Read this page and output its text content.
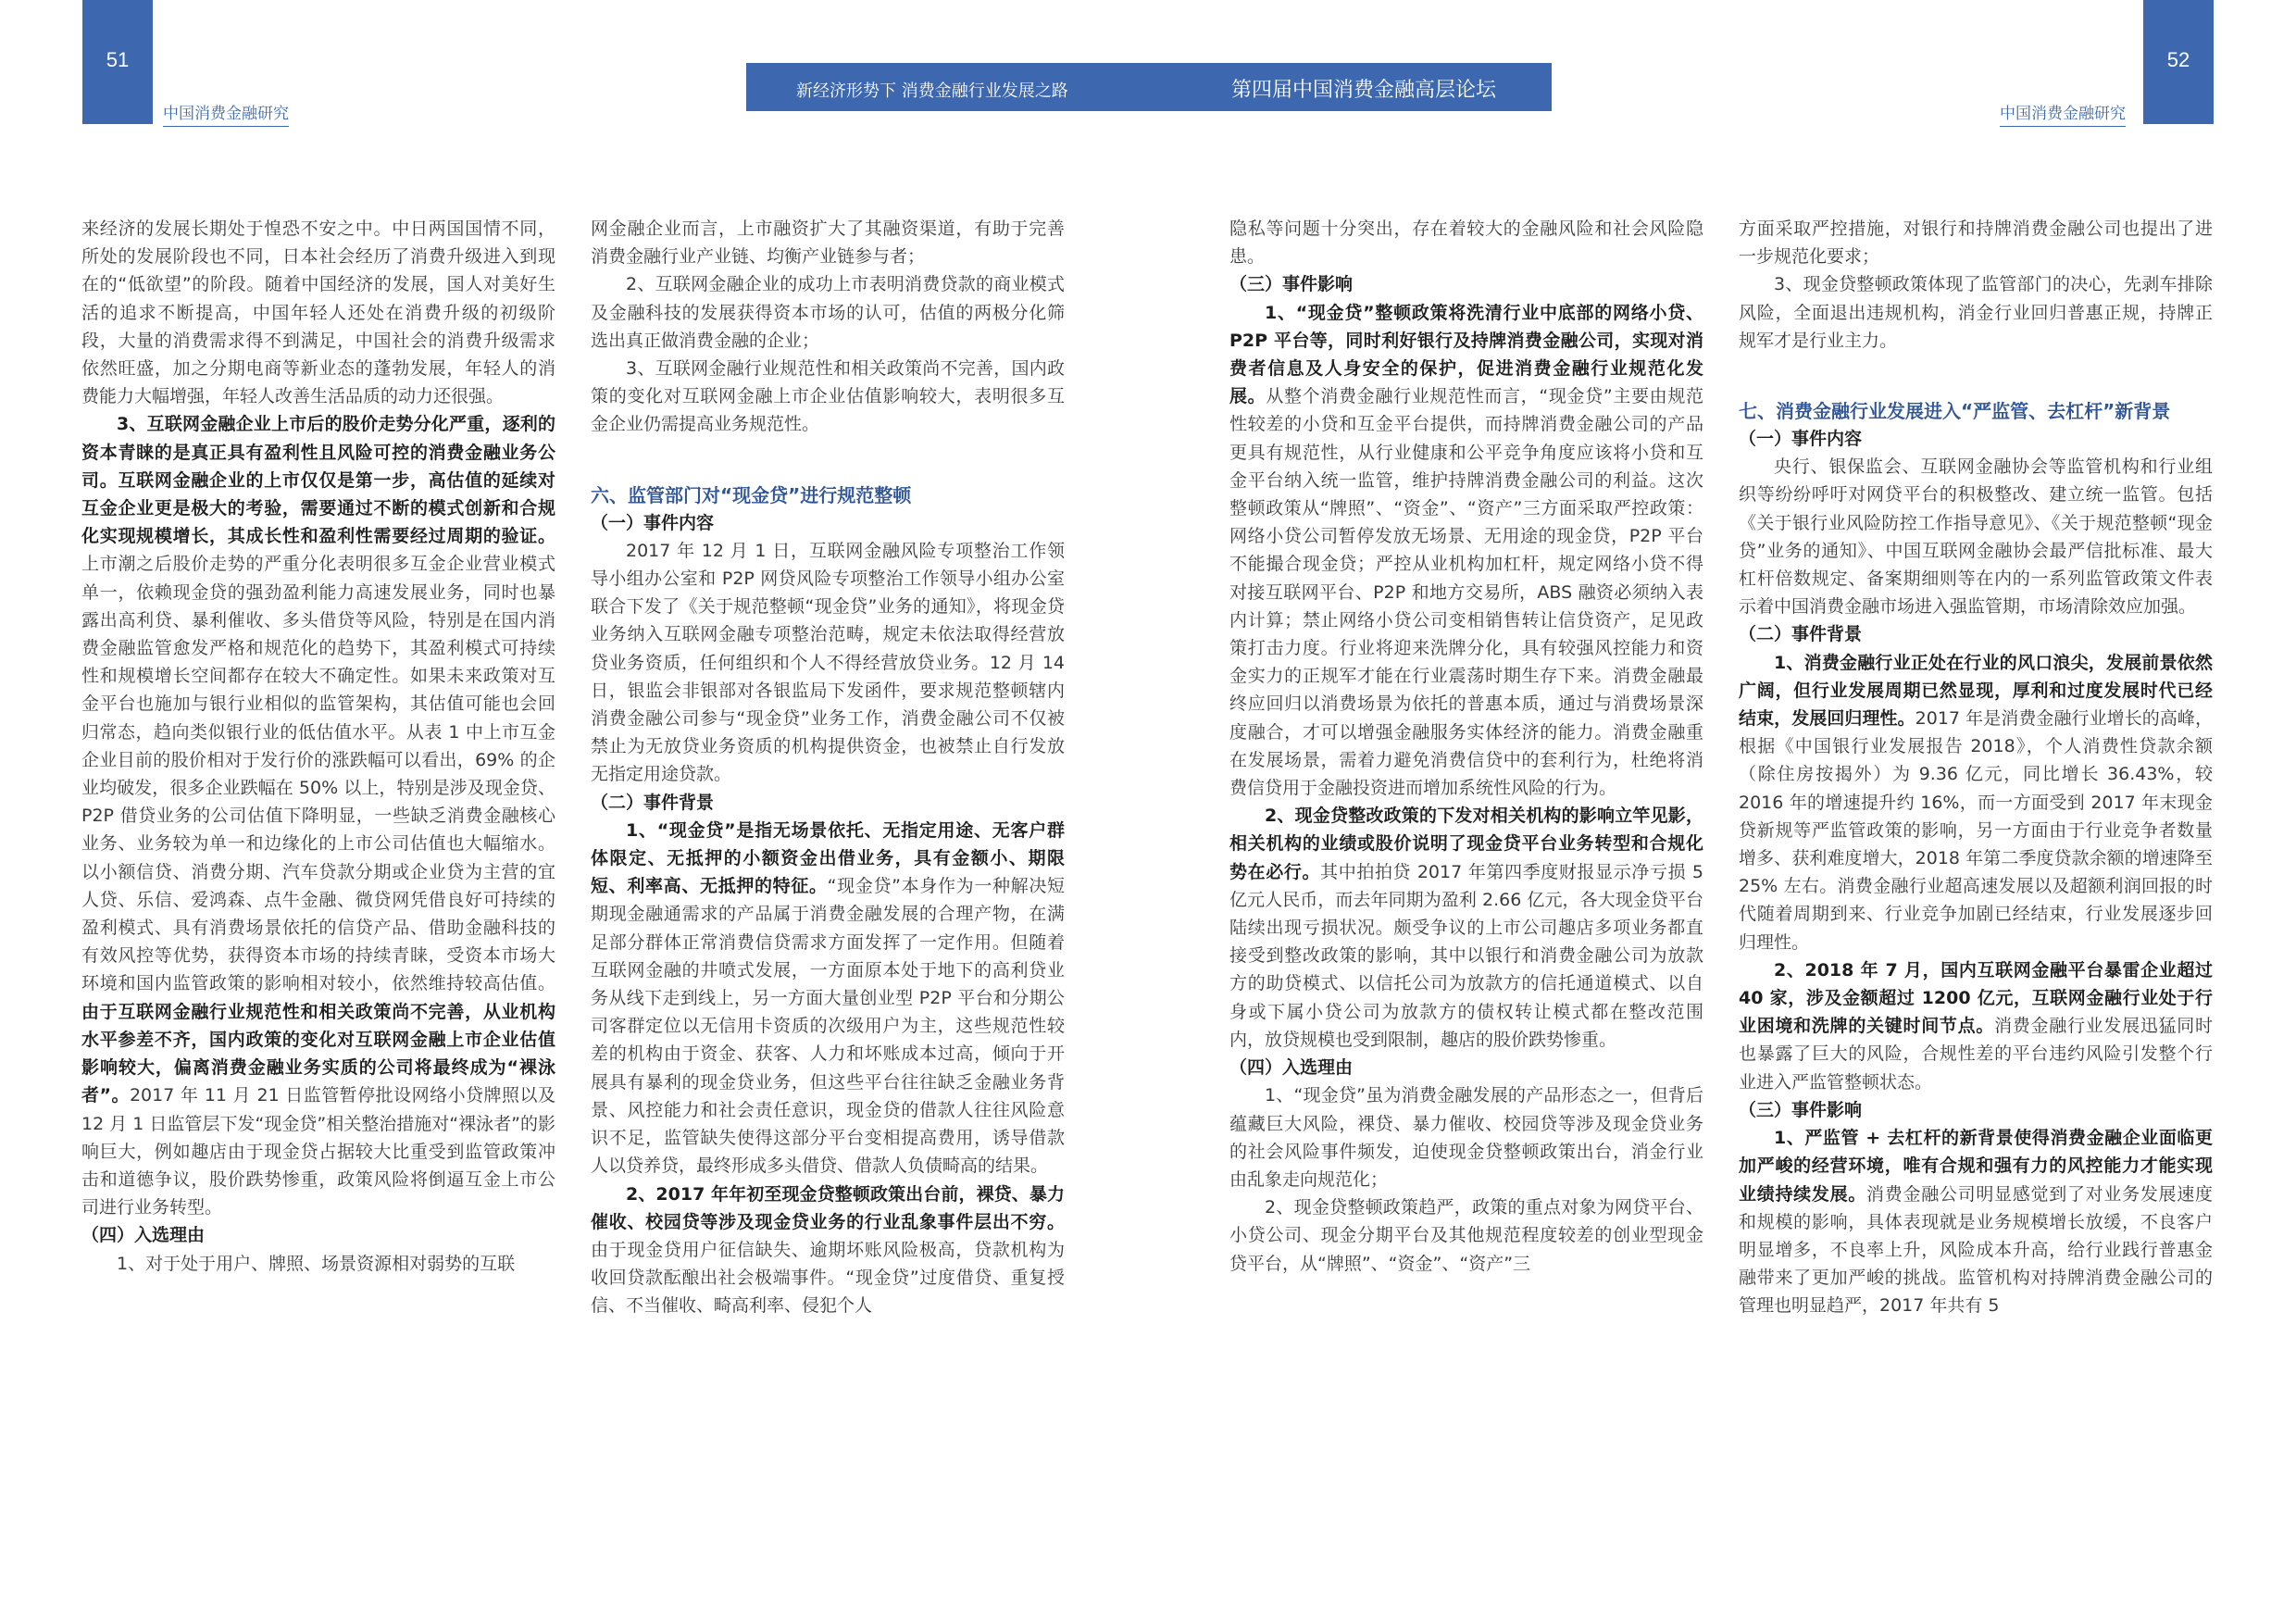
51
中国消费金融研究
新经济形势下 消费金融行业发展之路	第四届中国消费金融高层论坛
52
中国消费金融研究

来经济的发展长期处于惶恐不安之中。中日两国国情不同，所处的发展阶段也不同，日本社会经历了消费升级进入到现在的“低欲望”的阶段。随着中国经济的发展，国人对美好生活的追求不断提高，中国年轻人还处在消费升级的初级阶段，大量的消费需求得不到满足，中国社会的消费升级需求依然旺盛，加之分期电商等新业态的蓬勃发展，年轻人的消费能力大幅增强，年轻人改善生活品质的动力还很强。

3、互联网金融企业上市后的股价走势分化严重，逐利的资本青睐的是真正具有盈利性且风险可控的消费金融业务公司。互联网金融企业的上市仅仅是第一步，高估值的延续对互金企业更是极大的考验，需要通过不断的模式创新和合规化实现规模增长，其成长性和盈利性需要经过周期的验证。上市潮之后股价走势的严重分化表明很多互金企业营业模式单一，依赖现金贷的强劲盈利能力高速发展业务，同时也暴露出高利贷、暴利催收、多头借贷等风险，特别是在国内消费金融监管愈发严格和规范化的趋势下，其盈利模式可持续性和规模增长空间都存在较大不确定性。如果未来政策对互金平台也施加与银行业相似的监管架构，其估值可能也会回归常态，趋向类似银行业的低估值水平。从表 1 中上市互金企业目前的股价相对于发行价的涨跌幅可以看出，69% 的企业均破发，很多企业跌幅在 50% 以上，特别是涉及现金贷、P2P 借贷业务的公司估值下降明显，一些缺乏消费金融核心业务、业务较为单一和边缘化的上市公司估值也大幅缩水。以小额信贷、消费分期、汽车贷款分期或企业贷为主营的宜人贷、乐信、爱鸿森、点牛金融、微贷网凭借良好可持续的盈利模式、具有消费场景依托的信贷产品、借助金融科技的有效风控等优势，获得资本市场的持续青睐，受资本市场大环境和国内监管政策的影响相对较小，依然维持较高估值。由于互联网金融行业规范性和相关政策尚不完善，从业机构水平参差不齐，国内政策的变化对互联网金融上市企业估值影响较大，偏离消费金融业务实质的公司将最终成为“裸泳者”。2017 年 11 月 21 日监管暂停批设网络小贷牌照以及 12 月 1 日监管层下发“现金贷”相关整治措施对“裸泳者”的影响巨大，例如趣店由于现金贷占据较大比重受到监管政策冲击和道德争议，股价跌势惨重，政策风险将倒逼互金上市公司进行业务转型。

（四）入选理由

1、对于处于用户、牌照、场景资源相对弱势的互联

网金融企业而言，上市融资扩大了其融资渠道，有助于完善消费金融行业产业链、均衡产业链参与者；

2、互联网金融企业的成功上市表明消费贷款的商业模式及金融科技的发展获得资本市场的认可，估值的两极分化筛选出真正做消费金融的企业；

3、互联网金融行业规范性和相关政策尚不完善，国内政策的变化对互联网金融上市企业估值影响较大，表明很多互金企业仍需提高业务规范性。

六、监管部门对“现金贷”进行规范整顿
（一）事件内容

2017 年 12 月 1 日，互联网金融风险专项整治工作领导小组办公室和 P2P 网贷风险专项整治工作领导小组办公室联合下发了《关于规范整顿“现金贷”业务的通知》，将现金贷业务纳入互联网金融专项整治范畴，规定未依法取得经营放贷业务资质，任何组织和个人不得经营放贷业务。12 月 14 日，银监会非银部对各银监局下发函件，要求规范整顿辖内消费金融公司参与“现金贷”业务工作，消费金融公司不仅被禁止为无放贷业务资质的机构提供资金，也被禁止自行发放无指定用途贷款。

（二）事件背景

1、“现金贷”是指无场景依托、无指定用途、无客户群体限定、无抵押的小额资金出借业务，具有金额小、期限短、利率高、无抵押的特征。“现金贷”本身作为一种解决短期现金融通需求的产品属于消费金融发展的合理产物，在满足部分群体正常消费信贷需求方面发挥了一定作用。但随着互联网金融的井喷式发展，一方面原本处于地下的高利贷业务从线下走到线上，另一方面大量创业型 P2P 平台和分期公司客群定位以无信用卡资质的次级用户为主，这些规范性较差的机构由于资金、获客、人力和坏账成本过高，倾向于开展具有暴利的现金贷业务，但这些平台往往缺乏金融业务背景、风控能力和社会责任意识，现金贷的借款人往往风险意识不足，监管缺失使得这部分平台变相提高费用，诱导借款人以贷养贷，最终形成多头借贷、借款人负债畸高的结果。

2、2017 年年初至现金贷整顿政策出台前，裸贷、暴力催收、校园贷等涉及现金贷业务的行业乱象事件层出不穷。由于现金贷用户征信缺失、逾期坏账风险极高，贷款机构为收回贷款酝酿出社会极端事件。“现金贷”过度借贷、重复授信、不当催收、畸高利率、侵犯个人

隐私等问题十分突出，存在着较大的金融风险和社会风险隐患。

（三）事件影响

1、“现金贷”整顿政策将洗清行业中底部的网络小贷、P2P 平台等，同时利好银行及持牌消费金融公司，实现对消费者信息及人身安全的保护，促进消费金融行业规范化发展。从整个消费金融行业规范性而言，“现金贷”主要由规范性较差的小贷和互金平台提供，而持牌消费金融公司的产品更具有规范性，从行业健康和公平竞争角度应该将小贷和互金平台纳入统一监管，维护持牌消费金融公司的利益。这次整顿政策从“牌照”、“资金”、“资产”三方面采取严控政策：网络小贷公司暂停发放无场景、无用途的现金贷，P2P 平台不能撮合现金贷；严控从业机构加杠杆，规定网络小贷不得对接互联网平台、P2P 和地方交易所，ABS 融资必须纳入表内计算；禁止网络小贷公司变相销售转让信贷资产，足见政策打击力度。行业将迎来洗牌分化，具有较强风控能力和资金实力的正规军才能在行业震荡时期生存下来。消费金融最终应回归以消费场景为依托的普惠本质，通过与消费场景深度融合，才可以增强金融服务实体经济的能力。消费金融重在发展场景，需着力避免消费信贷中的套利行为，杜绝将消费信贷用于金融投资进而增加系统性风险的行为。

2、现金贷整改政策的下发对相关机构的影响立竿见影，相关机构的业绩或股价说明了现金贷平台业务转型和合规化势在必行。其中拍拍贷 2017 年第四季度财报显示净亏损 5 亿元人民币，而去年同期为盈利 2.66 亿元，各大现金贷平台陆续出现亏损状况。颇受争议的上市公司趣店多项业务都直接受到整改政策的影响，其中以银行和消费金融公司为放款方的助贷模式、以信托公司为放款方的信托通道模式、以自身或下属小贷公司为放款方的债权转让模式都在整改范围内，放贷规模也受到限制，趣店的股价跌势惨重。

（四）入选理由

1、“现金贷”虽为消费金融发展的产品形态之一，但背后蕴藏巨大风险，裸贷、暴力催收、校园贷等涉及现金贷业务的社会风险事件频发，迫使现金贷整顿政策出台，消金行业由乱象走向规范化；

2、现金贷整顿政策趋严，政策的重点对象为网贷平台、小贷公司、现金分期平台及其他规范程度较差的创业型现金贷平台，从“牌照”、“资金”、“资产”三

方面采取严控措施，对银行和持牌消费金融公司也提出了进一步规范化要求；

3、现金贷整顿政策体现了监管部门的决心，先剥车排除风险，全面退出违规机构，消金行业回归普惠正规，持牌正规军才是行业主力。

七、消费金融行业发展进入“严监管、去杠杆”新背景
（一）事件内容

央行、银保监会、互联网金融协会等监管机构和行业组织等纷纷呼吁对网贷平台的积极整改、建立统一监管。包括《关于银行业风险防控工作指导意见》、《关于规范整顿“现金贷”业务的通知》、中国互联网金融协会最严信批标准、最大杠杆倍数规定、备案期细则等在内的一系列监管政策文件表示着中国消费金融市场进入强监管期，市场清除效应加强。

（二）事件背景

1、消费金融行业正处在行业的风口浪尖，发展前景依然广阔，但行业发展周期已然显现，厚利和过度发展时代已经结束，发展回归理性。2017 年是消费金融行业增长的高峰，根据《中国银行业发展报告 2018》，个人消费性贷款余额（除住房按揭外）为 9.36 亿元，同比增长 36.43%，较 2016 年的增速提升约 16%，而一方面受到 2017 年末现金贷新规等严监管政策的影响，另一方面由于行业竞争者数量增多、获利难度增大，2018 年第二季度贷款余额的增速降至 25% 左右。消费金融行业超高速发展以及超额利润回报的时代随着周期到来、行业竞争加剧已经结束，行业发展逐步回归理性。

2、2018 年 7 月，国内互联网金融平台暴雷企业超过 40 家，涉及金额超过 1200 亿元，互联网金融行业处于行业困境和洗牌的关键时间节点。消费金融行业发展迅猛同时也暴露了巨大的风险，合规性差的平台违约风险引发整个行业进入严监管整顿状态。

（三）事件影响

1、严监管 + 去杠杆的新背景使得消费金融企业面临更加严峻的经营环境，唯有合规和强有力的风控能力才能实现业绩持续发展。消费金融公司明显感觉到了对业务发展速度和规模的影响，具体表现就是业务规模增长放缓，不良客户明显增多，不良率上升，风险成本升高，给行业践行普惠金融带来了更加严峻的挑战。监管机构对持牌消费金融公司的管理也明显趋严，2017 年共有 5
